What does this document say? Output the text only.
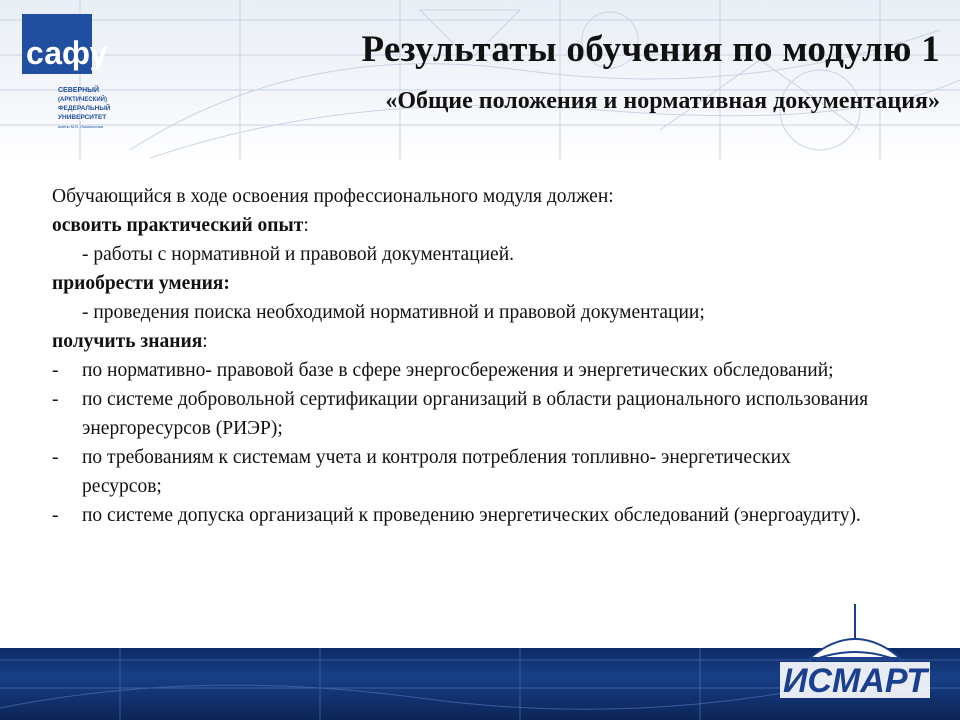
сафу
СЕВЕРНЫЙ
(АРКТИЧЕСКИЙ)
ФЕДЕРАЛЬНЫЙ
УНИВЕРСИТЕТ
имени М.В. Ломоносова
Результаты обучения по модулю 1
«Общие положения и нормативная документация»
Обучающийся в ходе освоения профессионального модуля должен:
освоить практический опыт:
- работы с нормативной и правовой документацией.
приобрести умения:
- проведения поиска необходимой нормативной и правовой документации;
получить знания:
-	по нормативно- правовой базе в сфере энергосбережения и энергетических обследований;
-	по системе добровольной сертификации организаций в области рационального использования энергоресурсов (РИЭР);
-	по требованиям к системам учета и контроля потребления топливно- энергетических ресурсов;
-	по системе допуска организаций к проведению энергетических обследований (энергоаудиту).
ИСМАРТ
